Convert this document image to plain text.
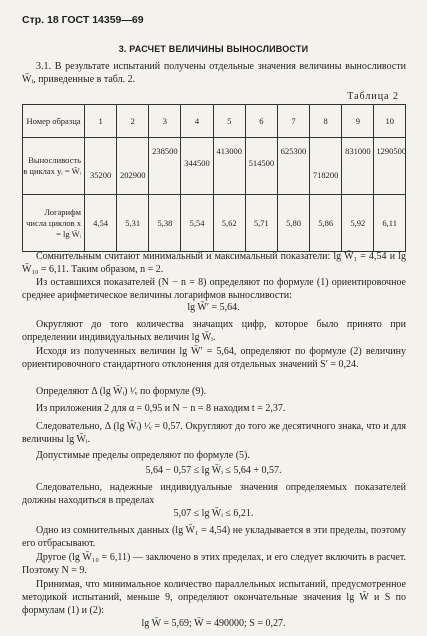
Стр. 18 ГОСТ 14359—69
3. РАСЧЕТ ВЕЛИЧИНЫ ВЫНОСЛИВОСТИ
3.1. В результате испытаний получены отдельные значения величины выносливости W̄ᵢ, приведенные в табл. 2.
Таблица 2
Номер образца	1	2	3	4	5	6	7	8	9	10
Выносливость в циклах yᵢ = W̄ᵢ	35200	202900	238500	344500	413000	514500	625300	718200	831000	1290500

Логарифм числа циклов x = lg W̄ᵢ	4,54	5,31	5,38	5,54	5,62	5,71	5,80	5,86	5,92	6,11
Сомнительным считают минимальный и максимальный показатели: lg W̄₁ = 4,54 и lg W̄₁₀ = 6,11. Таким образом, n = 2.
Из оставшихся показателей (N − n = 8) определяют по формуле (1) ориентировочное среднее арифметическое величины логарифмов выносливости:
lg W̄′ = 5,64.
Округляют до того количества значащих цифр, которое было принято при определении индивидуальных величин lg W̄ᵢ.
Исходя из полученных величин lg W̄′ = 5,64, определяют по формуле (2) величину ориентировочного стандартного отклонения для отдельных значений S′ = 0,24.
Определяют Δ (lg W̄ᵢ) ¹⁄ᵥ по формуле (9).
Из приложения 2 для α = 0,95 и N − n = 8 находим t = 2,37.
Следовательно, Δ (lg W̄ᵢ) ¹⁄ᵥ = 0,57. Округляют до того же десятичного знака, что и для величины lg W̄ᵢ.
Допустимые пределы определяют по формуле (5).
5,64 − 0,57 ≤ lg W̄ᵢ ≤ 5,64 + 0,57.
Следовательно, надежные индивидуальные значения определяемых показателей должны находиться в пределах
5,07 ≤ lg W̄ᵢ ≤ 6,21.
Одно из сомнительных данных (lg W̄₁ = 4,54) не укладывается в эти пределы, поэтому его отбрасывают.
Другое (lg W̄₁₀ = 6,11) — заключено в этих пределах, и его следует включить в расчет. Поэтому N = 9.
Принимая, что минимальное количество параллельных испытаний, предусмотренное методикой испытаний, меньше 9, определяют окончательные значения lg W̄ и S по формулам (1) и (2):
lg W̄ = 5,69; W̄ = 490000; S = 0,27.
